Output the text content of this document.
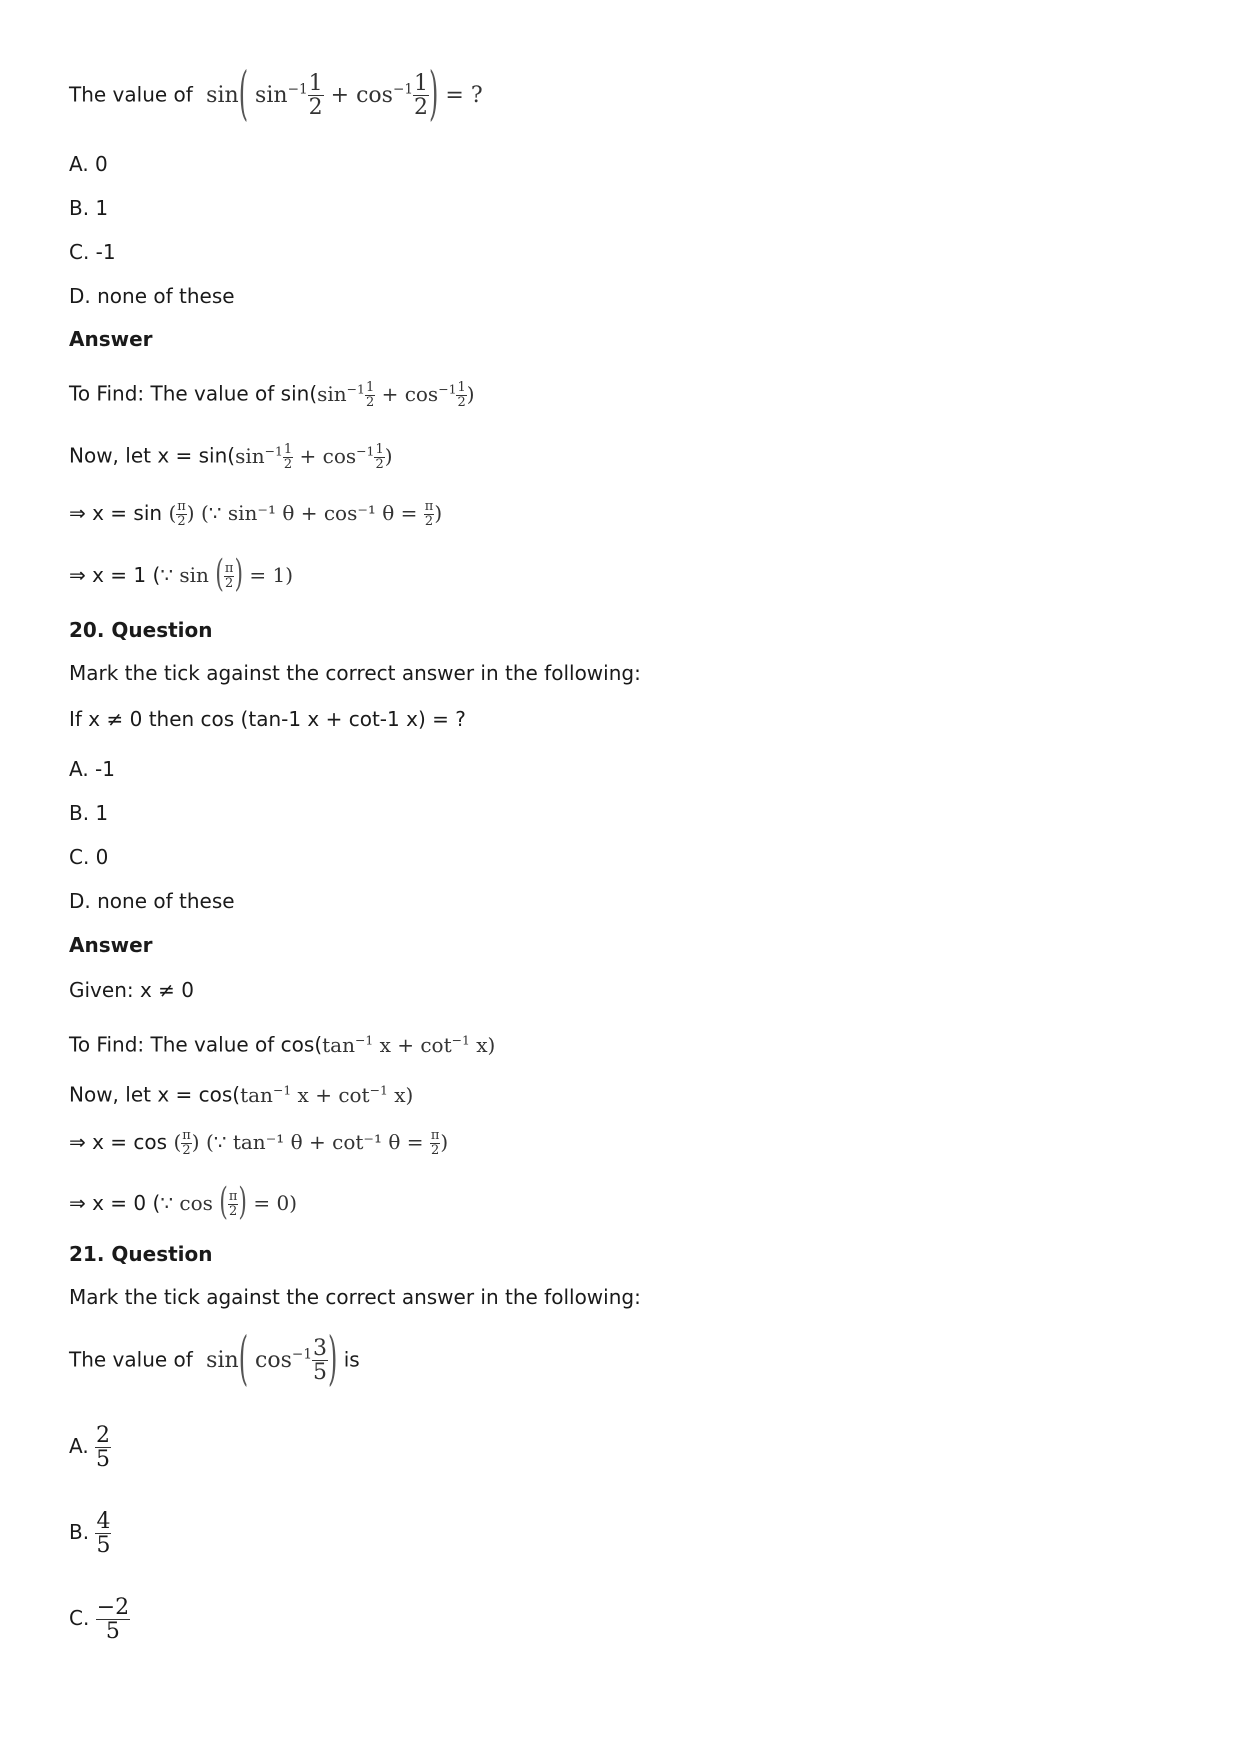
The value of  sin( $\sin^{-1} \frac{1}{2} + \cos^{-1} \frac{1}{2}$ ) = ?
A. 0
B. 1
C. -1
D. none of these
Answer
To Find: The value of $\sin(\sin^{-1} \frac{1}{2} + \cos^{-1} \frac{1}{2}$ )
Now, let $x = \sin(\sin^{-1} \frac{1}{2} + \cos^{-1} \frac{1}{2}$ )
⇒ x = sin ( $\frac{\pi}{2}$ ) (∵ sin⁻¹ θ + cos⁻¹ $\theta = \frac{\pi}{2}$ )
⇒ x = 1 (∵ sin ( $\frac{\pi}{2}$ ) = 1)
20. Question
Mark the tick against the correct answer in the following:
If x ≠ 0 then cos (tan-1 x + cot-1 x) = ?
A. -1
B. 1
C. 0
D. none of these
Answer
Given: x ≠ 0
To Find: The value of $\cos(\tan^{-1}$ $x + \cot^{-1} x$)
Now, let $x = \cos(\tan^{-1}$ $x + \cot^{-1} x$)
⇒ x = cos ( $\frac{\pi}{2}$ ) (∵ tan⁻¹ θ + cot⁻¹ $\theta = \frac{\pi}{2}$ )
⇒ x = 0 (∵ cos ( $\frac{\pi}{2}$ ) = 0)
21. Question
Mark the tick against the correct answer in the following:
The value of  sin( $\cos^{-1} \frac{3}{5}$ ) is
A. $\frac{2}{5}$
B. $\frac{4}{5}$
C. $\frac{-2}{5}$
